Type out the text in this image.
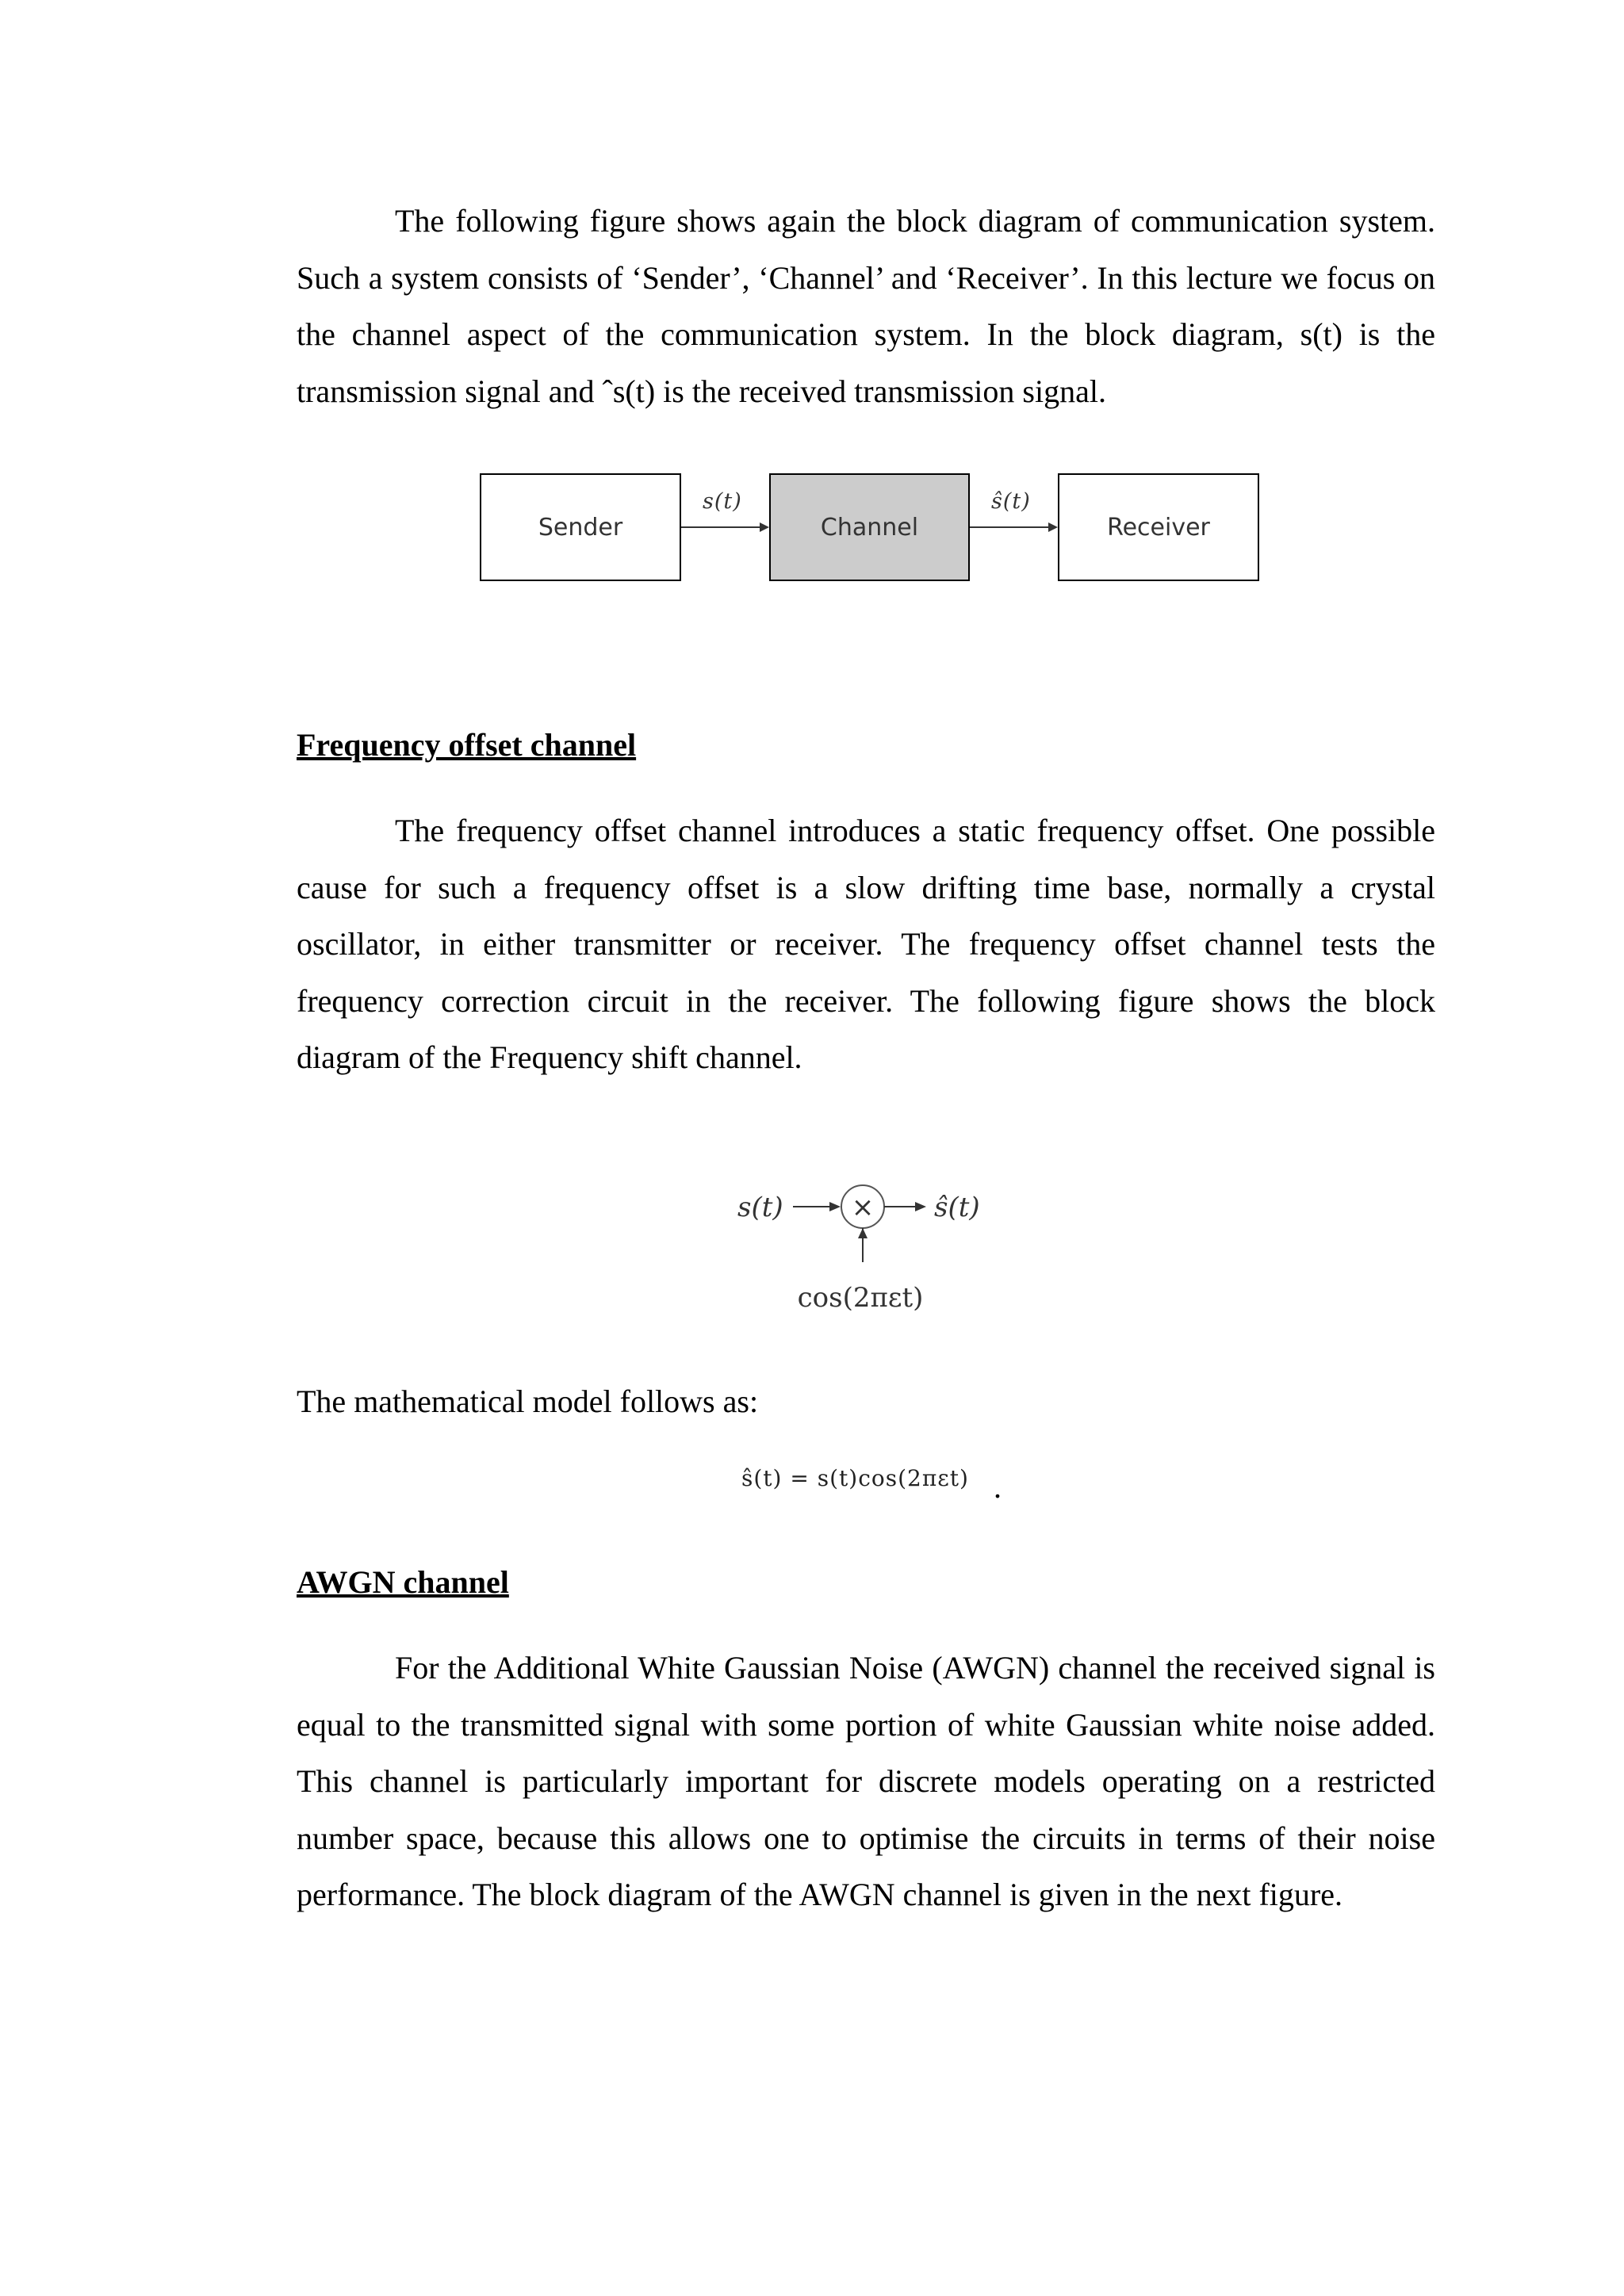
The following figure shows again the block diagram of communication system. Such a system consists of ‘Sender’, ‘Channel’ and ‘Receiver’. In this lecture we focus on the channel aspect of the communication system. In the block diagram, s(t) is the transmission signal and ˆs(t) is the received transmission signal.

Sender
s(t)
Channel
ŝ(t)
Receiver
Frequency offset channel

The frequency offset channel introduces a static frequency offset. One possible cause for such a frequency offset is a slow drifting time base, normally a crystal oscillator, in either transmitter or receiver. The frequency offset channel tests the frequency correction circuit in the receiver. The following figure shows the block diagram of the Frequency shift channel.

s(t)	× ŝ(t)
cos(2πεt)

The mathematical model follows as:

ŝ(t) = s(t)cos(2πεt) .
AWGN channel

For the Additional White Gaussian Noise (AWGN) channel the received signal is equal to the transmitted signal with some portion of white Gaussian white noise added. This channel is particularly important for discrete models operating on a restricted number space, because this allows one to optimise the circuits in terms of their noise performance. The block diagram of the AWGN channel is given in the next figure.
